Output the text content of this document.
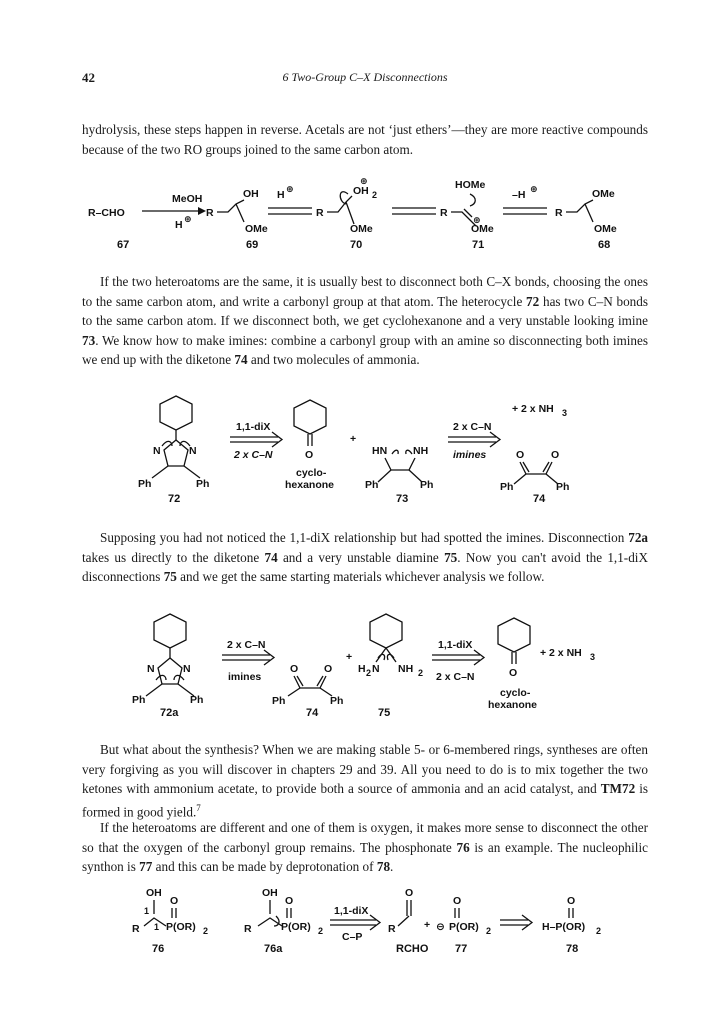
42	6 Two-Group C–X Disconnections

hydrolysis, these steps happen in reverse. Acetals are not ‘just ethers’—they are more reactive compounds because of the two RO groups joined to the same carbon atom.

R–CHO
67
MeOH
H ⊕ R
OH
OMe
69
H ⊕
R
OH 2
⊕
OMe
70
HOMe
R
OMe
⊕
71
–H ⊕
R
OMe
OMe
68

If the two heteroatoms are the same, it is usually best to disconnect both C–X bonds, choosing the ones to the same carbon atom, and write a carbonyl group at that atom. The heterocycle 72 has two C–N bonds to the same carbon atom. If we disconnect both, we get cyclohexanone and a very unstable looking imine 73. We know how to make imines: combine a carbonyl group with an amine so disconnecting both imines we end up with the diketone 74 and two molecules of ammonia.

N	N
Ph	Ph
72
1,1-diX
2 x C–N	O
cyclo-
hexanone
+
HN NH
Ph	Ph
73
2 x C–N
imines
+ 2 x NH 3
O	O
Ph	Ph
74

Supposing you had not noticed the 1,1-diX relationship but had spotted the imines. Disconnection 72a takes us directly to the diketone 74 and a very unstable diamine 75. Now you can't avoid the 1,1-diX disconnections 75 and we get the same starting materials whichever analysis we follow.

N	N
Ph	Ph
72a
2 x C–N
imines
O O
Ph	Ph
74
+
H 2 N NH 2
75
1,1-diX
2 x C–N	O
cyclo-
hexanone
+ 2 x NH 3

But what about the synthesis? When we are making stable 5- or 6-membered rings, syntheses are often very forgiving as you will discover in chapters 29 and 39. All you need to do is to mix together the two ketones with ammonium acetate, to provide both a source of ammonia and an acid catalyst, and TM72 is formed in good yield.$^7$

If the heteroatoms are different and one of them is oxygen, it makes more sense to disconnect the other so that the oxygen of the carbonyl group remains. The phosphonate 76 is an example. The nucleophilic synthon is 77 and this can be made by deprotonation of 78.

OH
1
1
R
O
P(OR) 2
76
OH
R
O
P(OR) 2
76a
1,1-diX
C–P
O
R
RCHO
+
O
⊖ P(OR) 2
77
O
H–P(OR) 2
78
